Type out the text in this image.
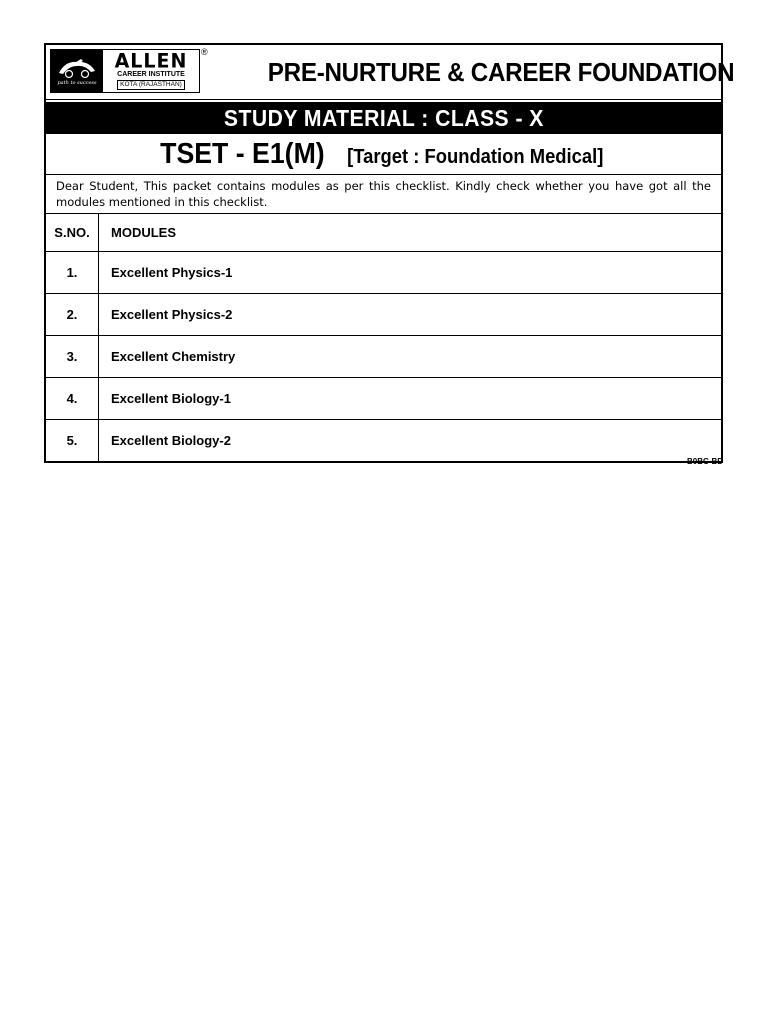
path to success
ALLEN
CAREER INSTITUTE
KOTA (RAJASTHAN)
®
PRE-NURTURE & CAREER FOUNDATION
STUDY MATERIAL : CLASS - X
TSET - E1(M) [Target : Foundation Medical]
Dear Student, This packet contains modules as per this checklist. Kindly check whether you have got all the modules mentioned in this checklist.
S.NO.	MODULES
1.	Excellent Physics-1
2.	Excellent Physics-2
3.	Excellent Chemistry
4.	Excellent Biology-1
5.	Excellent Biology-2
B0BC-BD
